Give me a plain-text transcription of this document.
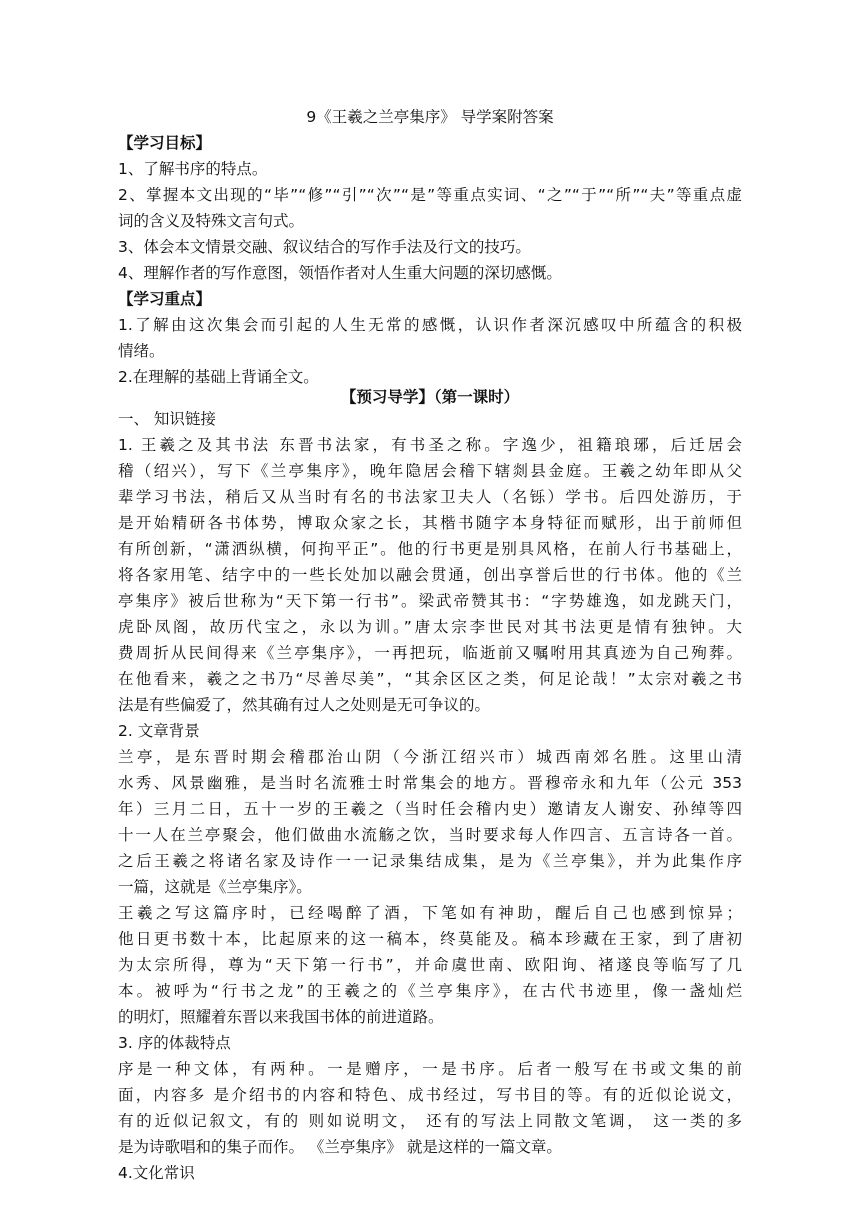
9《王羲之兰亭集序》 导学案附答案
【学习目标】
1、了解书序的特点。
2、掌握本文出现的“毕”“修”“引”“次”“是”等重点实词、“之”“于”“所”“夫”等重点虚
词的含义及特殊文言句式。
3、体会本文情景交融、叙议结合的写作手法及行文的技巧。
4、理解作者的写作意图，领悟作者对人生重大问题的深切感慨。
【学习重点】
1.了解由这次集会而引起的人生无常的感慨，认识作者深沉感叹中所蕴含的积极
情绪。
2.在理解的基础上背诵全文。
【预习导学】（第一课时）
一、 知识链接
1. 王羲之及其书法 东晋书法家，有书圣之称。字逸少，祖籍琅琊，后迁居会
稽（绍兴），写下《兰亭集序》，晚年隐居会稽下辖剡县金庭。王羲之幼年即从父
辈学习书法，稍后又从当时有名的书法家卫夫人（名铄）学书。后四处游历，于
是开始精研各书体势，博取众家之长，其楷书随字本身特征而赋形，出于前师但
有所创新，“潇洒纵横，何拘平正”。他的行书更是别具风格，在前人行书基础上，
将各家用笔、结字中的一些长处加以融会贯通，创出享誉后世的行书体。他的《兰
亭集序》被后世称为“天下第一行书”。梁武帝赞其书：“字势雄逸，如龙跳天门，
虎卧凤阁，故历代宝之，永以为训。”唐太宗李世民对其书法更是情有独钟。大
费周折从民间得来《兰亭集序》，一再把玩，临逝前又嘱咐用其真迹为自己殉葬。
在他看来，羲之之书乃“尽善尽美”，“其余区区之类，何足论哉！”太宗对羲之书
法是有些偏爱了，然其确有过人之处则是无可争议的。
2. 文章背景
兰亭，是东晋时期会稽郡治山阴（今浙江绍兴市）城西南郊名胜。这里山清
水秀、风景幽雅，是当时名流雅士时常集会的地方。晋穆帝永和九年（公元 353
年）三月二日，五十一岁的王羲之（当时任会稽内史）邀请友人谢安、孙绰等四
十一人在兰亭聚会，他们做曲水流觞之饮，当时要求每人作四言、五言诗各一首。
之后王羲之将诸名家及诗作一一记录集结成集，是为《兰亭集》，并为此集作序
一篇，这就是《兰亭集序》。
王羲之写这篇序时，已经喝醉了酒，下笔如有神助，醒后自己也感到惊异；
他日更书数十本，比起原来的这一稿本，终莫能及。稿本珍藏在王家，到了唐初
为太宗所得，尊为“天下第一行书”，并命虞世南、欧阳询、褚遂良等临写了几
本。被呼为“行书之龙”的王羲之的《兰亭集序》，在古代书迹里，像一盏灿烂
的明灯，照耀着东晋以来我国书体的前进道路。
3. 序的体裁特点
序是一种文体，有两种。一是赠序，一是书序。后者一般写在书或文集的前
面，内容多 是介绍书的内容和特色、成书经过，写书目的等。有的近似论说文，
有的近似记叙文，有的 则如说明文， 还有的写法上同散文笔调， 这一类的多
是为诗歌唱和的集子而作。 《兰亭集序》 就是这样的一篇文章。
4.文化常识
